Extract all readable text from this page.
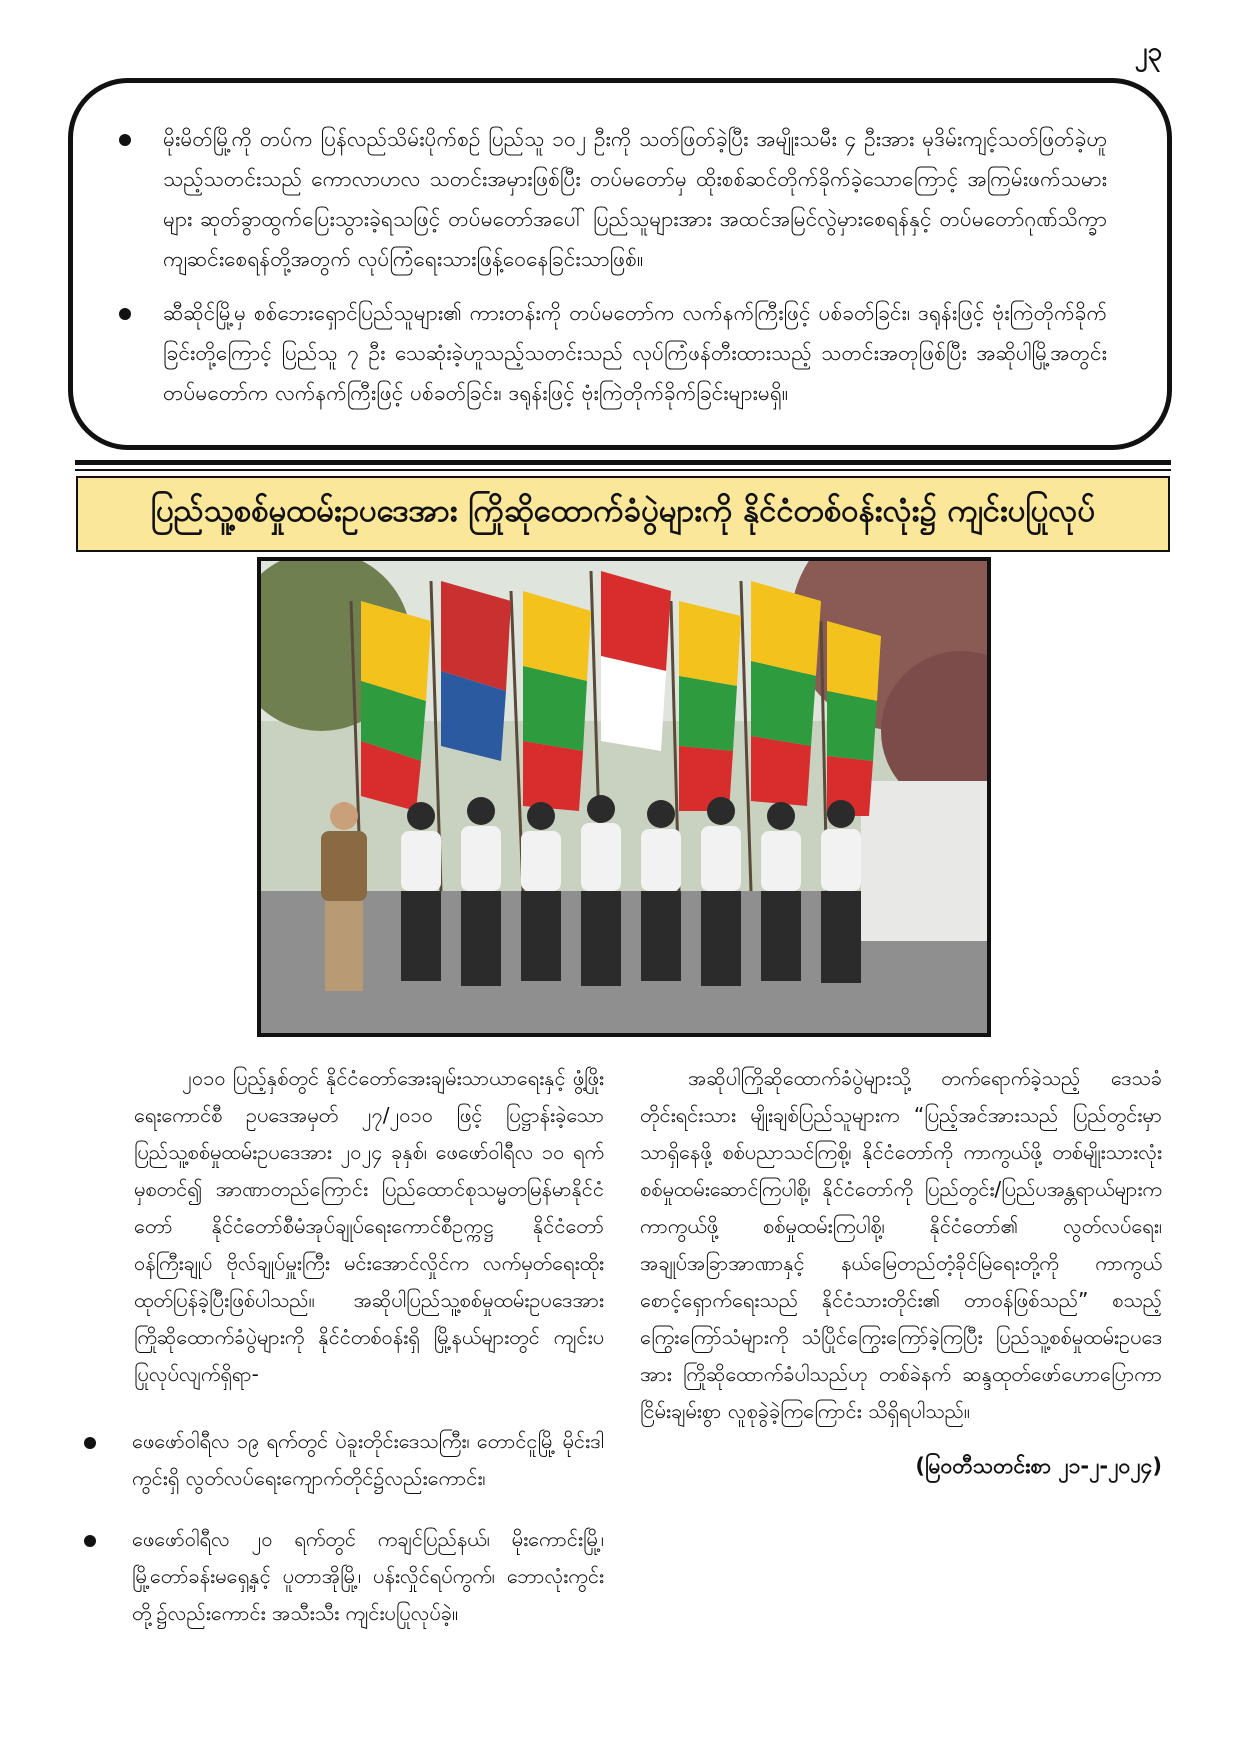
၂၃
မိုးမိတ်မြို့ကို တပ်က ပြန်လည်သိမ်းပိုက်စဉ် ပြည်သူ ၁၀၂ ဦးကို သတ်ဖြတ်ခဲ့ပြီး အမျိုးသမီး ၄ ဦးအား မုဒိမ်းကျင့်သတ်ဖြတ်ခဲ့ဟူသည့်သတင်းသည် ကောလာဟလ သတင်းအမှားဖြစ်ပြီး တပ်မတော်မှ ထိုးစစ်ဆင်တိုက်ခိုက်ခဲ့သောကြောင့် အကြမ်းဖက်သမားများ ဆုတ်ခွာထွက်ပြေးသွားခဲ့ရသဖြင့် တပ်မတော်အပေါ် ပြည်သူများအား အထင်အမြင်လွဲမှားစေရန်နှင့် တပ်မတော်ဂုဏ်သိက္ခာကျဆင်းစေရန်တို့အတွက် လုပ်ကြံရေးသားဖြန့်ဝေနေခြင်းသာဖြစ်။
ဆီဆိုင်မြို့မှ စစ်ဘေးရှောင်ပြည်သူများ၏ ကားတန်းကို တပ်မတော်က လက်နက်ကြီးဖြင့် ပစ်ခတ်ခြင်း၊ ဒရုန်းဖြင့် ဗုံးကြဲတိုက်ခိုက်ခြင်းတို့ကြောင့် ပြည်သူ ၇ ဦး သေဆုံးခဲ့ဟူသည့်သတင်းသည် လုပ်ကြံဖန်တီးထားသည့် သတင်းအတုဖြစ်ပြီး အဆိုပါမြို့အတွင်း တပ်မတော်က လက်နက်ကြီးဖြင့် ပစ်ခတ်ခြင်း၊ ဒရုန်းဖြင့် ဗုံးကြဲတိုက်ခိုက်ခြင်းများမရှိ။
ပြည်သူ့စစ်မှုထမ်းဥပဒေအား ကြိုဆိုထောက်ခံပွဲများကို နိုင်ငံတစ်ဝန်းလုံး၌ ကျင်းပပြုလုပ်

၂၀၁၀ ပြည့်နှစ်တွင် နိုင်ငံတော်အေးချမ်းသာယာရေးနှင့် ဖွံ့ဖြိုးရေးကောင်စီ ဥပဒေအမှတ် ၂၇/၂၀၁၀ ဖြင့် ပြဋ္ဌာန်းခဲ့သော ပြည်သူ့စစ်မှုထမ်းဥပဒေအား ၂၀၂၄ ခုနှစ်၊ ဖေဖော်ဝါရီလ ၁၀ ရက်မှစတင်၍ အာဏာတည်ကြောင်း ပြည်ထောင်စုသမ္မတမြန်မာနိုင်ငံတော် နိုင်ငံတော်စီမံအုပ်ချုပ်ရေးကောင်စီဥက္ကဋ္ဌ နိုင်ငံတော်ဝန်ကြီးချုပ် ဗိုလ်ချုပ်မှူးကြီး မင်းအောင်လှိုင်က လက်မှတ်ရေးထိုး ထုတ်ပြန်ခဲ့ပြီးဖြစ်ပါသည်။ အဆိုပါပြည်သူ့စစ်မှုထမ်းဥပဒေအား ကြိုဆိုထောက်ခံပွဲများကို နိုင်ငံတစ်ဝန်းရှိ မြို့နယ်များတွင် ကျင်းပပြုလုပ်လျက်ရှိရာ-

ဖေဖော်ဝါရီလ ၁၉ ရက်တွင် ပဲခူးတိုင်းဒေသကြီး၊ တောင်ငူမြို့ မိုင်းဒါကွင်းရှိ လွတ်လပ်ရေးကျောက်တိုင်၌လည်းကောင်း၊
ဖေဖော်ဝါရီလ ၂၀ ရက်တွင် ကချင်ပြည်နယ်၊ မိုးကောင်းမြို့၊ မြို့တော်ခန်းမရှေ့နှင့် ပူတာအိုမြို့၊ ပန်းလှိုင်ရပ်ကွက်၊ ဘောလုံးကွင်းတို့၌လည်းကောင်း အသီးသီး ကျင်းပပြုလုပ်ခဲ့။

အဆိုပါကြိုဆိုထောက်ခံပွဲများသို့ တက်ရောက်ခဲ့သည့် ဒေသခံတိုင်းရင်းသား မျိုးချစ်ပြည်သူများက “ပြည့်အင်အားသည် ပြည်တွင်းမှာသာရှိနေဖို့ စစ်ပညာသင်ကြစို့၊ နိုင်ငံတော်ကို ကာကွယ်ဖို့ တစ်မျိုးသားလုံး စစ်မှုထမ်းဆောင်ကြပါစို့၊ နိုင်ငံတော်ကို ပြည်တွင်း/ပြည်ပအန္တရာယ်များက ကာကွယ်ဖို့ စစ်မှုထမ်းကြပါစို့၊ နိုင်ငံတော်၏ လွတ်လပ်ရေး၊ အချုပ်အခြာအာဏာနှင့် နယ်မြေတည်တံ့ခိုင်မြဲရေးတို့ကို ကာကွယ်စောင့်ရှောက်ရေးသည် နိုင်ငံသားတိုင်း၏ တာဝန်ဖြစ်သည်” စသည့်ကြွေးကြော်သံများကို သံပြိုင်ကြွေးကြော်ခဲ့ကြပြီး ပြည်သူ့စစ်မှုထမ်းဥပဒေအား ကြိုဆိုထောက်ခံပါသည်ဟု တစ်ခဲနက် ဆန္ဒထုတ်ဖော်ဟောပြောကာ ငြိမ်းချမ်းစွာ လူစုခွဲခဲ့ကြကြောင်း သိရှိရပါသည်။

(မြဝတီသတင်းစာ ၂၁-၂-၂၀၂၄)
